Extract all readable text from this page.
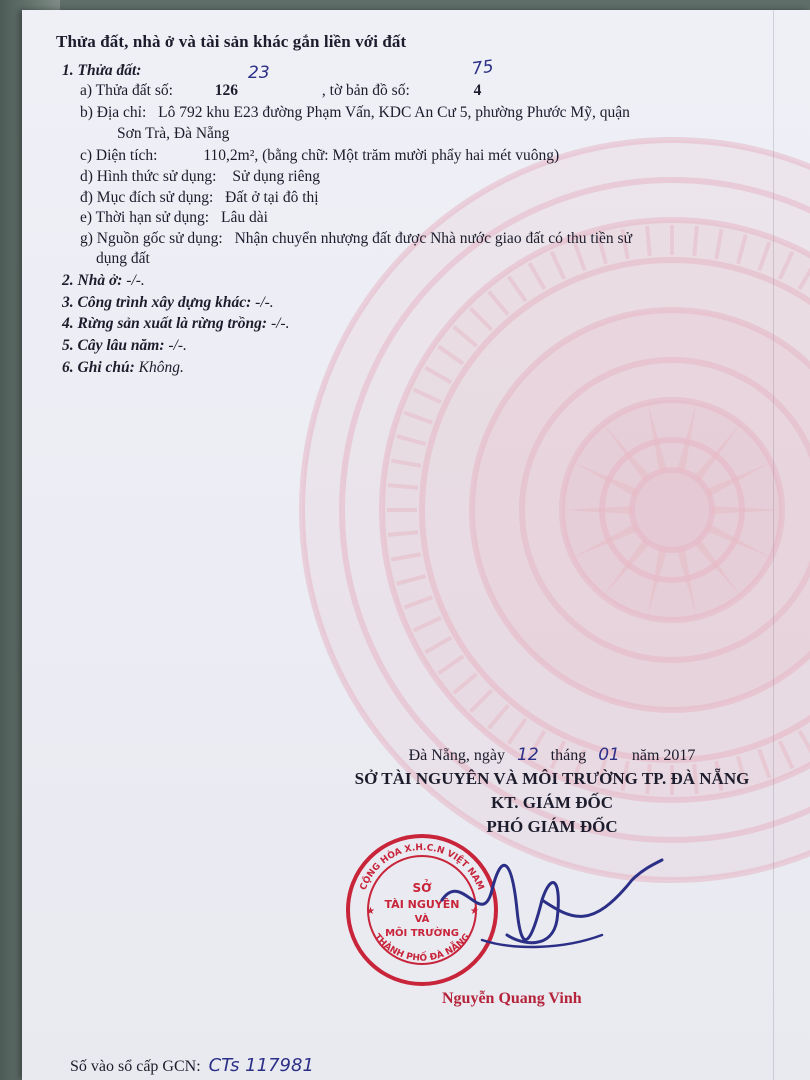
Thửa đất, nhà ở và tài sản khác gắn liền với đất
1. Thửa đất:
a) Thửa đất số:	126	, tờ bản đồ số:	4
23	75
b) Địa chỉ: Lô 792 khu E23 đường Phạm Vấn, KDC An Cư 5, phường Phước Mỹ, quận
Sơn Trà, Đà Nẵng
c) Diện tích:	110,2m², (bằng chữ: Một trăm mười phẩy hai mét vuông)
d) Hình thức sử dụng: Sử dụng riêng
đ) Mục đích sử dụng: Đất ở tại đô thị
e) Thời hạn sử dụng: Lâu dài
g) Nguồn gốc sử dụng: Nhận chuyển nhượng đất được Nhà nước giao đất có thu tiền sử
dụng đất
2. Nhà ở: -/-.
3. Công trình xây dựng khác: -/-.
4. Rừng sản xuất là rừng trồng: -/-.
5. Cây lâu năm: -/-.
6. Ghi chú: Không.
Đà Nẵng, ngày 12 tháng 01 năm 2017
SỞ TÀI NGUYÊN VÀ MÔI TRƯỜNG TP. ĐÀ NẴNG
KT. GIÁM ĐỐC
PHÓ GIÁM ĐỐC
SỞ
TÀI NGUYÊN
VÀ
MÔI TRƯỜNG
CỘNG HÒA X.H.C.N VIỆT NAM
THÀNH PHỐ ĐÀ NẴNG
★	★
Nguyễn Quang Vinh
Số vào sổ cấp GCN: CTs 117981
